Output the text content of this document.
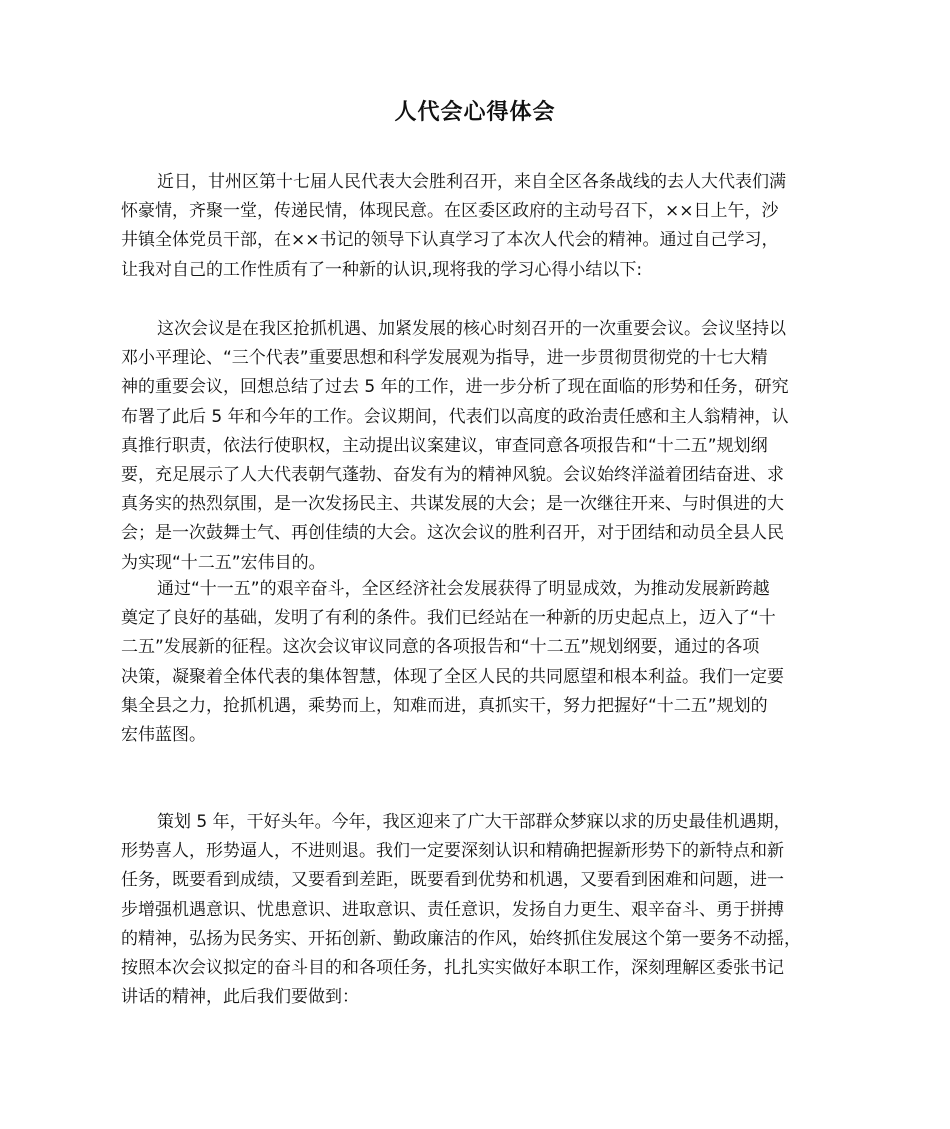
人代会心得体会
近日，甘州区第十七届人民代表大会胜利召开，来自全区各条战线的去人大代表们满
怀豪情，齐聚一堂，传递民情，体现民意。在区委区政府的主动号召下，××日上午，沙
井镇全体党员干部，在××书记的领导下认真学习了本次人代会的精神。通过自己学习，
让我对自己的工作性质有了一种新的认识,现将我的学习心得小结以下:
这次会议是在我区抢抓机遇、加紧发展的核心时刻召开的一次重要会议。会议坚持以
邓小平理论、“三个代表”重要思想和科学发展观为指导，进一步贯彻贯彻党的十七大精
神的重要会议，回想总结了过去 5 年的工作，进一步分析了现在面临的形势和任务，研究
布署了此后 5 年和今年的工作。会议期间，代表们以高度的政治责任感和主人翁精神，认
真推行职责，依法行使职权，主动提出议案建议，审查同意各项报告和“十二五”规划纲
要，充足展示了人大代表朝气蓬勃、奋发有为的精神风貌。会议始终洋溢着团结奋进、求
真务实的热烈氛围，是一次发扬民主、共谋发展的大会；是一次继往开来、与时俱进的大
会；是一次鼓舞士气、再创佳绩的大会。这次会议的胜利召开，对于团结和动员全县人民
为实现“十二五”宏伟目的。
通过“十一五”的艰辛奋斗，全区经济社会发展获得了明显成效，为推动发展新跨越
奠定了良好的基础，发明了有利的条件。我们已经站在一种新的历史起点上，迈入了“十
二五”发展新的征程。这次会议审议同意的各项报告和“十二五”规划纲要，通过的各项
决策，凝聚着全体代表的集体智慧，体现了全区人民的共同愿望和根本利益。我们一定要
集全县之力，抢抓机遇，乘势而上，知难而进，真抓实干，努力把握好“十二五”规划的
宏伟蓝图。
策划 5 年，干好头年。今年，我区迎来了广大干部群众梦寐以求的历史最佳机遇期，
形势喜人，形势逼人，不进则退。我们一定要深刻认识和精确把握新形势下的新特点和新
任务，既要看到成绩，又要看到差距，既要看到优势和机遇，又要看到困难和问题，进一
步增强机遇意识、忧患意识、进取意识、责任意识，发扬自力更生、艰辛奋斗、勇于拼搏
的精神，弘扬为民务实、开拓创新、勤政廉洁的作风，始终抓住发展这个第一要务不动摇，
按照本次会议拟定的奋斗目的和各项任务，扎扎实实做好本职工作，深刻理解区委张书记
讲话的精神，此后我们要做到：
